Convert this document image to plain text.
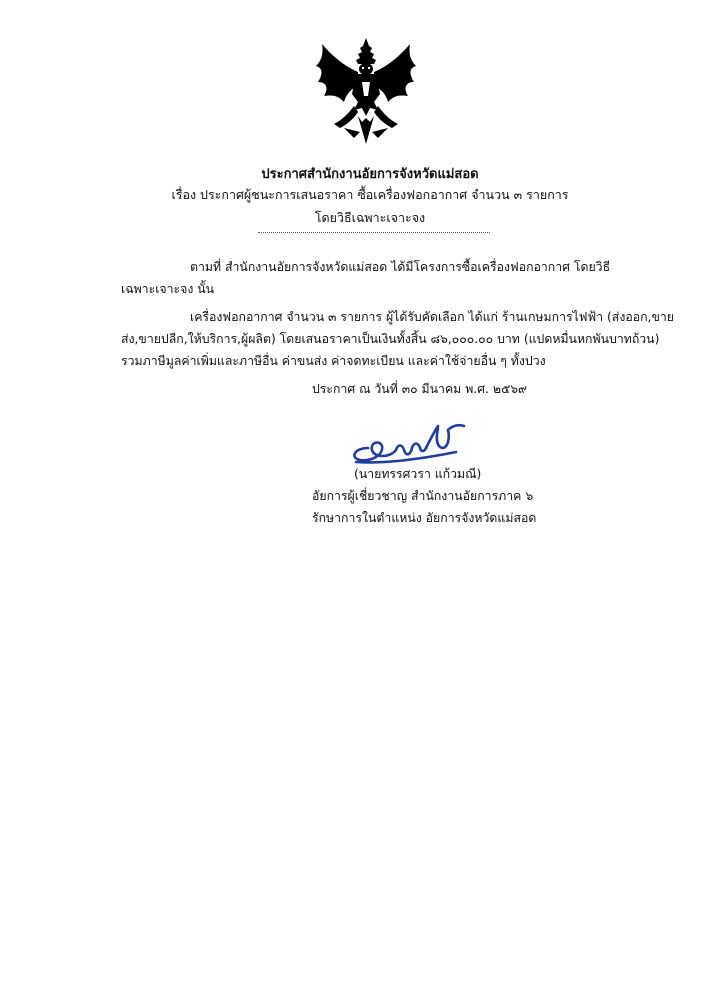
ประกาศสำนักงานอัยการจังหวัดแม่สอด
เรื่อง ประกาศผู้ชนะการเสนอราคา ซื้อเครื่องฟอกอากาศ จำนวน ๓ รายการ
โดยวิธีเฉพาะเจาะจง
ตามที่ สำนักงานอัยการจังหวัดแม่สอด ได้มีโครงการซื้อเครื่องฟอกอากาศ โดยวิธี
เฉพาะเจาะจง นั้น
เครื่องฟอกอากาศ จำนวน ๓ รายการ ผู้ได้รับคัดเลือก ได้แก่ ร้านเกษมการไฟฟ้า (ส่งออก,ขาย
ส่ง,ขายปลีก,ให้บริการ,ผู้ผลิต) โดยเสนอราคาเป็นเงินทั้งสิ้น ๘๖,๐๐๐.๐๐ บาท (แปดหมื่นหกพันบาทถ้วน)
รวมภาษีมูลค่าเพิ่มและภาษีอื่น ค่าขนส่ง ค่าจดทะเบียน และค่าใช้จ่ายอื่น ๆ ทั้งปวง
ประกาศ ณ วันที่ ๓๐ มีนาคม พ.ศ. ๒๕๖๙
(นายทรรศวรา แก้วมณี)
อัยการผู้เชี่ยวชาญ สำนักงานอัยการภาค ๖
รักษาการในตำแหน่ง อัยการจังหวัดแม่สอด
